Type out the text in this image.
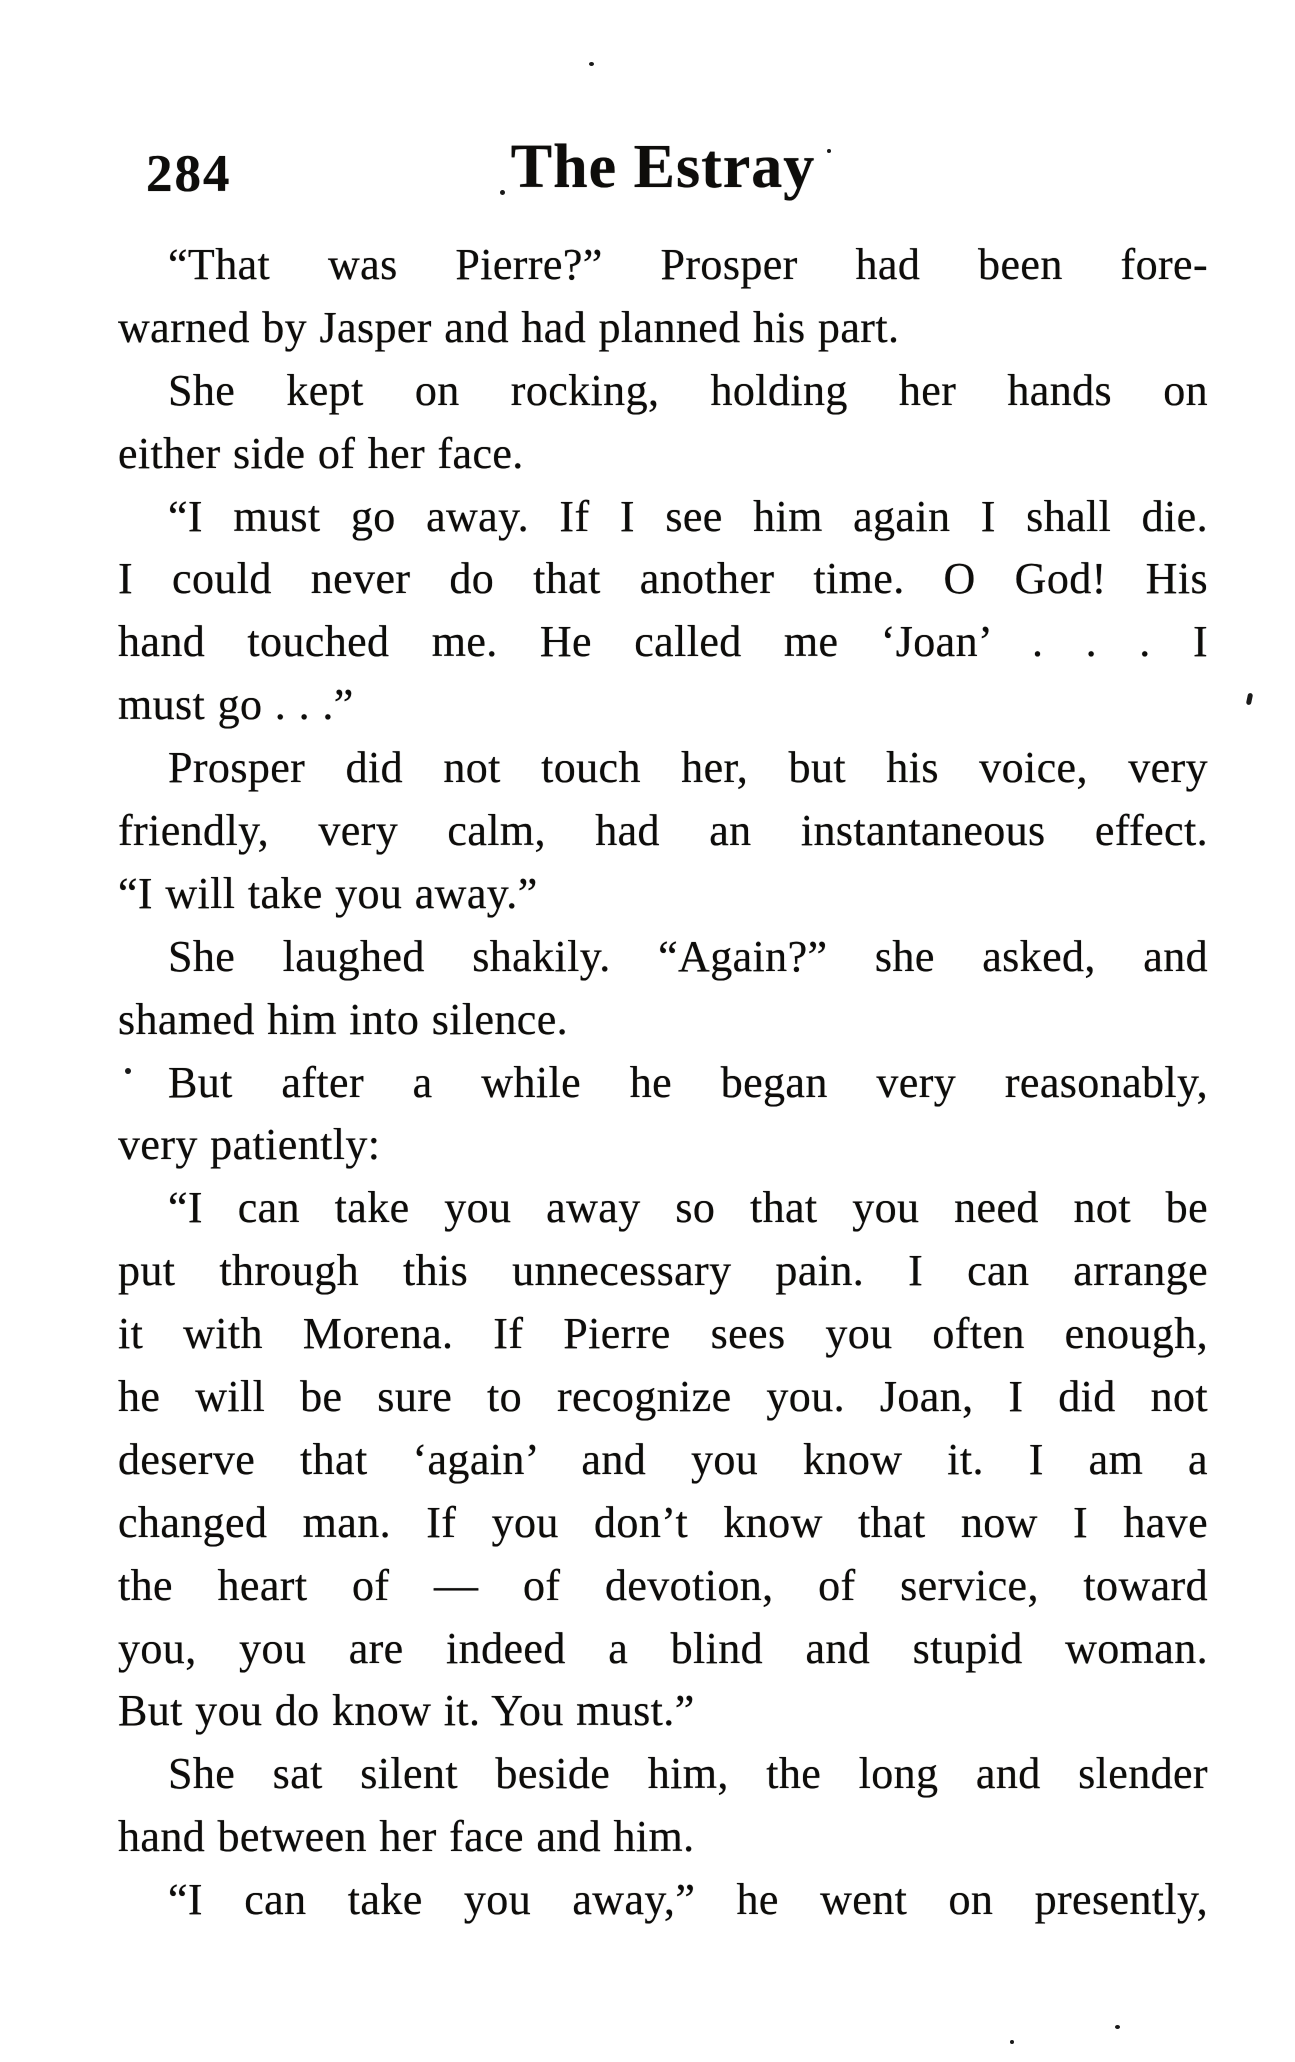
284	The Estray
“That was Pierre?” Prosper had been fore-
warned by Jasper and had planned his part.
She kept on rocking, holding her hands on
either side of her face.
“I must go away. If I see him again I shall die.
I could never do that another time. O God! His
hand touched me. He called me ‘Joan’ . . . I
must go . . .”
Prosper did not touch her, but his voice, very
friendly, very calm, had an instantaneous effect.
“I will take you away.”
She laughed shakily. “Again?” she asked, and
shamed him into silence.
But after a while he began very reasonably,
very patiently:
“I can take you away so that you need not be
put through this unnecessary pain. I can arrange
it with Morena. If Pierre sees you often enough,
he will be sure to recognize you. Joan, I did not
deserve that ‘again’ and you know it. I am a
changed man. If you don’t know that now I have
the heart of — of devotion, of service, toward
you, you are indeed a blind and stupid woman.
But you do know it. You must.”
She sat silent beside him, the long and slender
hand between her face and him.
“I can take you away,” he went on presently,
